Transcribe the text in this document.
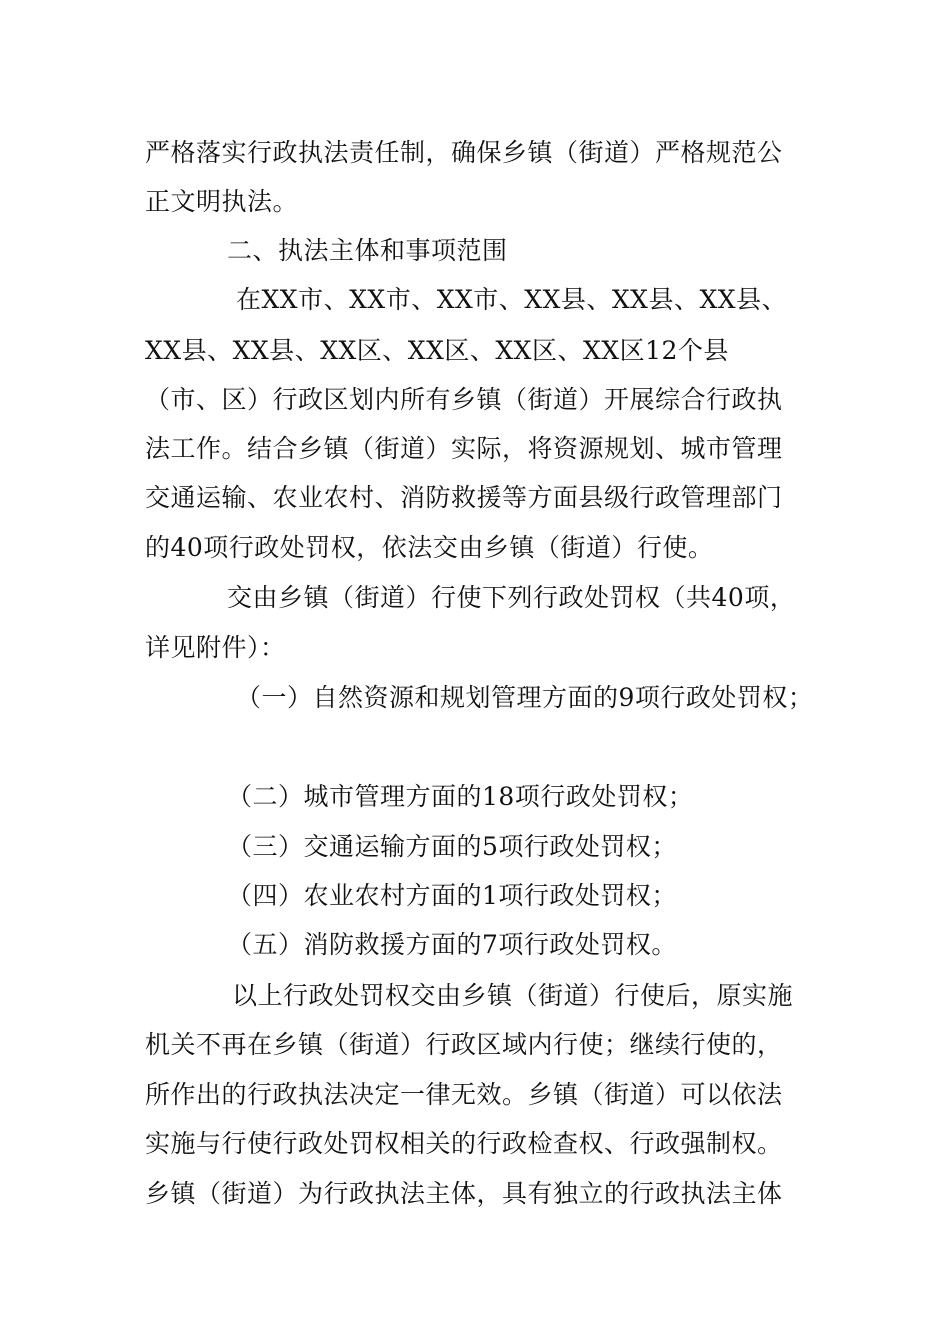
严格落实行政执法责任制，确保乡镇（街道）严格规范公
正文明执法。
二、执法主体和事项范围
在XX市、XX市、XX市、XX县、XX县、XX县、
XX县、XX县、XX区、XX区、XX区、XX区12个县
（市、区）行政区划内所有乡镇（街道）开展综合行政执
法工作。结合乡镇（街道）实际，将资源规划、城市管理
交通运输、农业农村、消防救援等方面县级行政管理部门
的40项行政处罚权，依法交由乡镇（街道）行使。
交由乡镇（街道）行使下列行政处罚权（共40项，
详见附件）：
（一）自然资源和规划管理方面的9项行政处罚权；
（二）城市管理方面的18项行政处罚权；
（三）交通运输方面的5项行政处罚权；
（四）农业农村方面的1项行政处罚权；
（五）消防救援方面的7项行政处罚权。
以上行政处罚权交由乡镇（街道）行使后，原实施
机关不再在乡镇（街道）行政区域内行使；继续行使的，
所作出的行政执法决定一律无效。乡镇（街道）可以依法
实施与行使行政处罚权相关的行政检查权、行政强制权。
乡镇（街道）为行政执法主体，具有独立的行政执法主体
